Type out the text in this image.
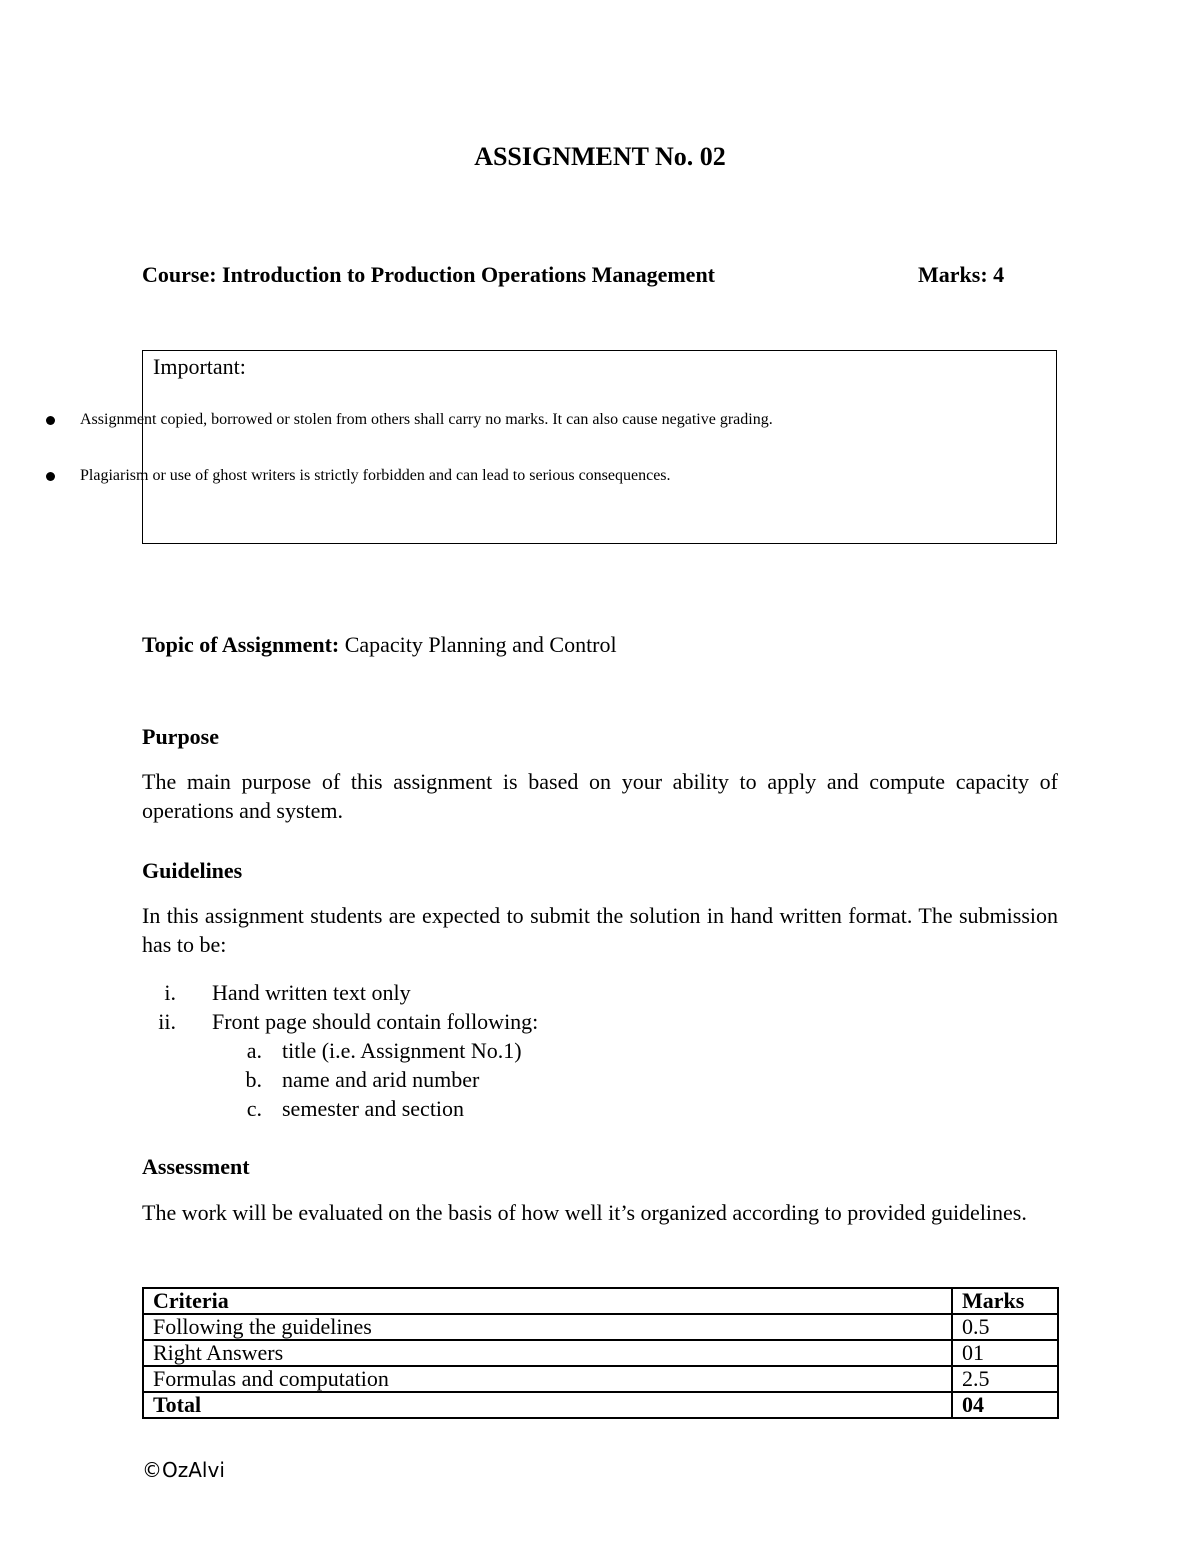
ASSIGNMENT No. 02
Course: Introduction to Production Operations Management	Marks: 4
Important:
Assignment copied, borrowed or stolen from others shall carry no marks. It can also cause negative grading.
Plagiarism or use of ghost writers is strictly forbidden and can lead to serious consequences.
Topic of Assignment: Capacity Planning and Control
Purpose
The main purpose of this assignment is based on your ability to apply and compute capacity of operations and system.
Guidelines
In this assignment students are expected to submit the solution in hand written format. The submission has to be:
i. Hand written text only
ii. Front page should contain following:
a. title (i.e. Assignment No.1)
b. name and arid number
c. semester and section
Assessment
The work will be evaluated on the basis of how well it’s organized according to provided guidelines.
Criteria	Marks
Following the guidelines	0.5
Right Answers	01
Formulas and computation	2.5
Total	04
©OzAlvi
